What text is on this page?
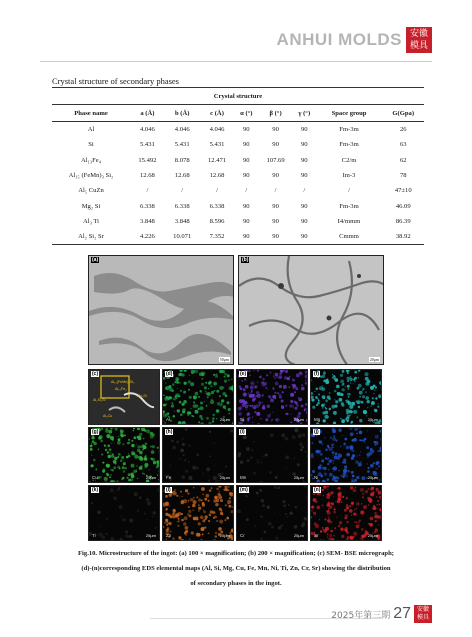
ANHUI MOLDS 安徽
模具
Crystal structure of secondary phases
Crystal structure								
Phase name	a (Å)	b (Å)	c (Å)	α (°)	β (°)	γ (°)	Space group	G(Gpa)
Al	4.046	4.046	4.046	90	90	90	Fm-3m	26
Si	5.431	5.431	5.431	90	90	90	Fm-3m	63
Al₁₃Fe₄	15.492	8.078	12.471	90	107.69	90	C2/m	62
Al₁₅ (FeMn)₃ Si₂	12.68	12.68	12.68	90	90	90	Im-3	78
Al₅ CuZn	/	/	/	/	/	/	/	47±10
Mg₂ Si	6.338	6.338	6.338	90	90	90	Fm-3m	46.09
Al₃ Ti	3.848	3.848	8.596	90	90	90	I4/mmm	86.39
Al₂ Si₂ Sr	4.226	10.071	7.352	90	90	90	Cmmm	38.92
(a)
50μm
(b)
20μm
(c)
Al₁₅(FeMn)₃Si₂
Al₁₃Fe₄
Al₂Si₂Sr
Mg₂Si
Al₂Cu
(d)
Al	25μm
(e)
Si	25μm
(f)
Mg	25μm
(g)
Cu	25μm
(h)
Fe	25μm
(i)
Mn	25μm
(j)
Ni	25μm
(k)
Ti	25μm
(l)
Zn	25μm
(m)
Cr	25μm
(n)
Sr	25μm
Fig.10. Microstructure of the ingot: (a) 100 × magnification; (b) 200 × magnification; (c) SEM- BSE micrograph;
(d)-(n)corresponding EDS elemental maps (Al, Si, Mg, Cu, Fe, Mn, Ni, Ti, Zn, Cr, Sr) showing the distribution
of secondary phases in the ingot.
2025年第三期 27 安徽
模具
